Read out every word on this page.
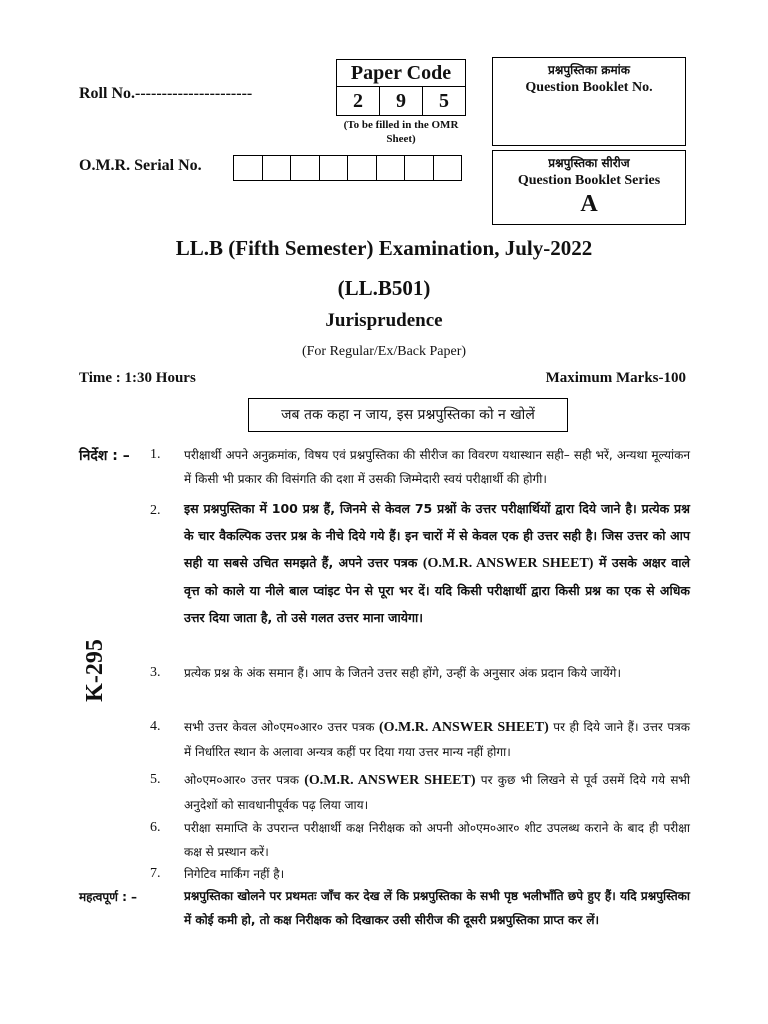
Roll No.----------------------
O.M.R. Serial No.
Paper Code
2	9	5
(To be filled in the OMR Sheet)
प्रश्नपुस्तिका क्रमांक
Question Booklet No.
प्रश्नपुस्तिका सीरीज
Question Booklet Series
A
LL.B (Fifth Semester) Examination, July-2022
(LL.B501)
Jurisprudence
(For Regular/Ex/Back Paper)
Time : 1:30 Hours	Maximum Marks-100
जब तक कहा न जाय, इस प्रश्नपुस्तिका को न खोलें
K-295
निर्देश : – 1. परीक्षार्थी अपने अनुक्रमांक, विषय एवं प्रश्नपुस्तिका की सीरीज का विवरण यथास्थान सही– सही भरें, अन्यथा मूल्यांकन में किसी भी प्रकार की विसंगति की दशा में उसकी जिम्मेदारी स्वयं परीक्षार्थी की होगी।
2. इस प्रश्नपुस्तिका में 100 प्रश्न हैं, जिनमे से केवल 75 प्रश्नों के उत्तर परीक्षार्थियों द्वारा दिये जाने है। प्रत्येक प्रश्न के चार वैकल्पिक उत्तर प्रश्न के नीचे दिये गये हैं। इन चारों में से केवल एक ही उत्तर सही है। जिस उत्तर को आप सही या सबसे उचित समझते हैं, अपने उत्तर पत्रक (O.M.R. ANSWER SHEET) में उसके अक्षर वाले वृत्त को काले या नीले बाल प्वांइट पेन से पूरा भर दें। यदि किसी परीक्षार्थी द्वारा किसी प्रश्न का एक से अधिक उत्तर दिया जाता है, तो उसे गलत उत्तर माना जायेगा।
3. प्रत्येक प्रश्न के अंक समान हैं। आप के जितने उत्तर सही होंगे, उन्हीं के अनुसार अंक प्रदान किये जायेंगे।
4. सभी उत्तर केवल ओ०एम०आर० उत्तर पत्रक (O.M.R. ANSWER SHEET) पर ही दिये जाने हैं। उत्तर पत्रक में निर्धारित स्थान के अलावा अन्यत्र कहीं पर दिया गया उत्तर मान्य नहीं होगा।
5. ओ०एम०आर० उत्तर पत्रक (O.M.R. ANSWER SHEET) पर कुछ भी लिखने से पूर्व उसमें दिये गये सभी अनुदेशों को सावधानीपूर्वक पढ़ लिया जाय।
6. परीक्षा समाप्ति के उपरान्त परीक्षार्थी कक्ष निरीक्षक को अपनी ओ०एम०आर० शीट उपलब्ध कराने के बाद ही परीक्षा कक्ष से प्रस्थान करें।
7. निगेटिव मार्किंग नहीं है।
महत्वपूर्ण : –	प्रश्नपुस्तिका खोलने पर प्रथमतः जाँच कर देख लें कि प्रश्नपुस्तिका के सभी पृष्ठ भलीभाँति छपे हुए हैं। यदि प्रश्नपुस्तिका में कोई कमी हो, तो कक्ष निरीक्षक को दिखाकर उसी सीरीज की दूसरी प्रश्नपुस्तिका प्राप्त कर लें।
